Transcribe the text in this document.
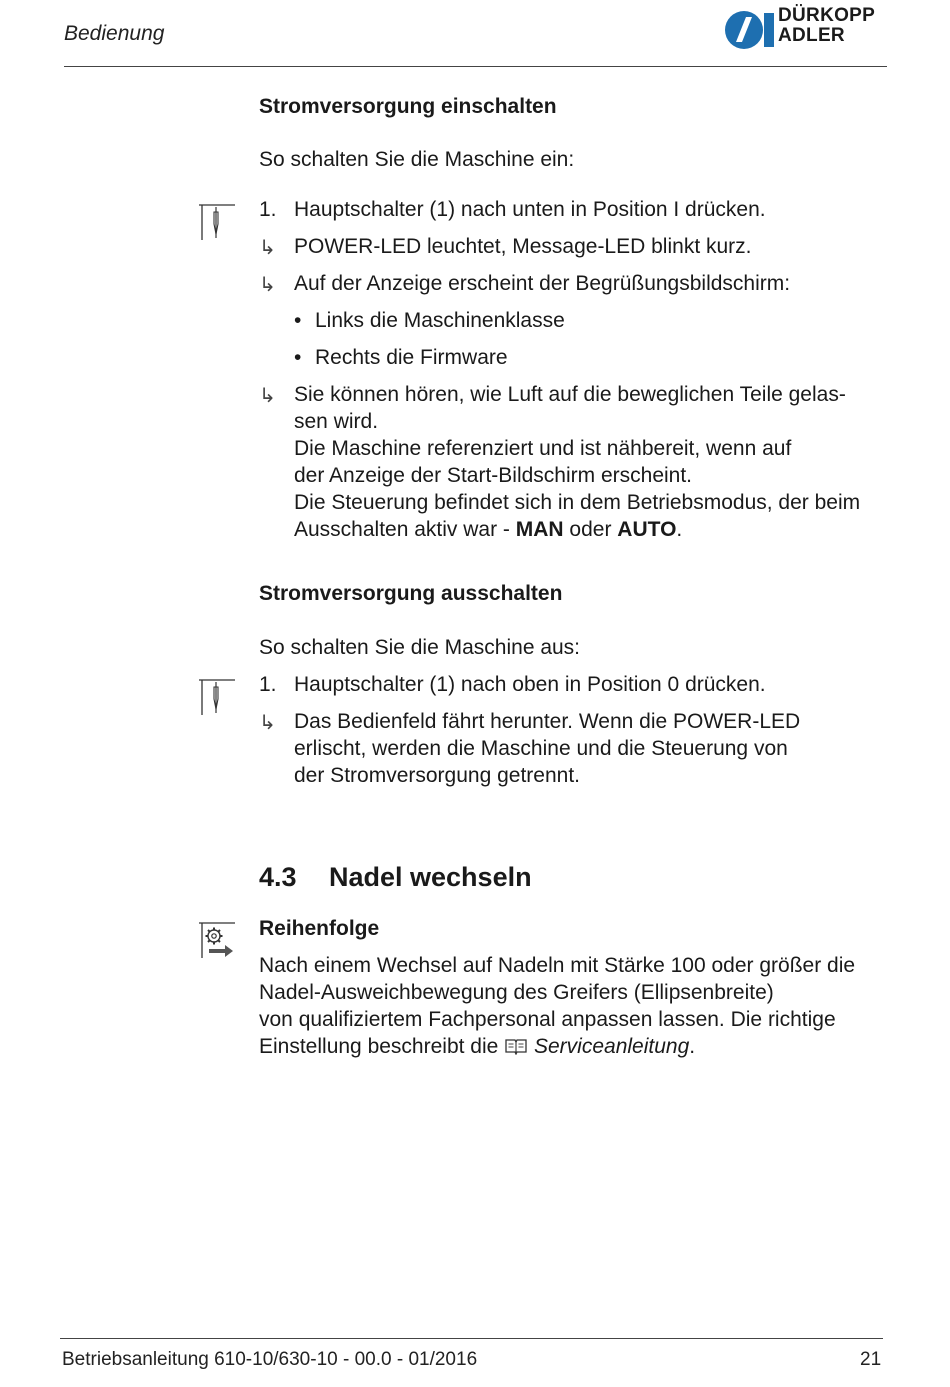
Bedienung
DÜRKOPP
ADLER
Stromversorgung einschalten
So schalten Sie die Maschine ein:
1. Hauptschalter (1) nach unten in Position I drücken.
↳ POWER-LED leuchtet, Message-LED blinkt kurz.
↳ Auf der Anzeige erscheint der Begrüßungsbildschirm:
• Links die Maschinenklasse
• Rechts die Firmware
↳ Sie können hören, wie Luft auf die beweglichen Teile gelas-
sen wird.
Die Maschine referenziert und ist nähbereit, wenn auf
der Anzeige der Start-Bildschirm erscheint.
Die Steuerung befindet sich in dem Betriebsmodus, der beim
Ausschalten aktiv war - MAN oder AUTO.
Stromversorgung ausschalten
So schalten Sie die Maschine aus:
1. Hauptschalter (1) nach oben in Position 0 drücken.
↳ Das Bedienfeld fährt herunter. Wenn die POWER-LED
erlischt, werden die Maschine und die Steuerung von
der Stromversorgung getrennt.
4.3 Nadel wechseln
Reihenfolge
Nach einem Wechsel auf Nadeln mit Stärke 100 oder größer die
Nadel-Ausweichbewegung des Greifers (Ellipsenbreite)
von qualifiziertem Fachpersonal anpassen lassen. Die richtige
Einstellung beschreibt die  Serviceanleitung.
Betriebsanleitung 610-10/630-10 - 00.0 - 01/2016	21
